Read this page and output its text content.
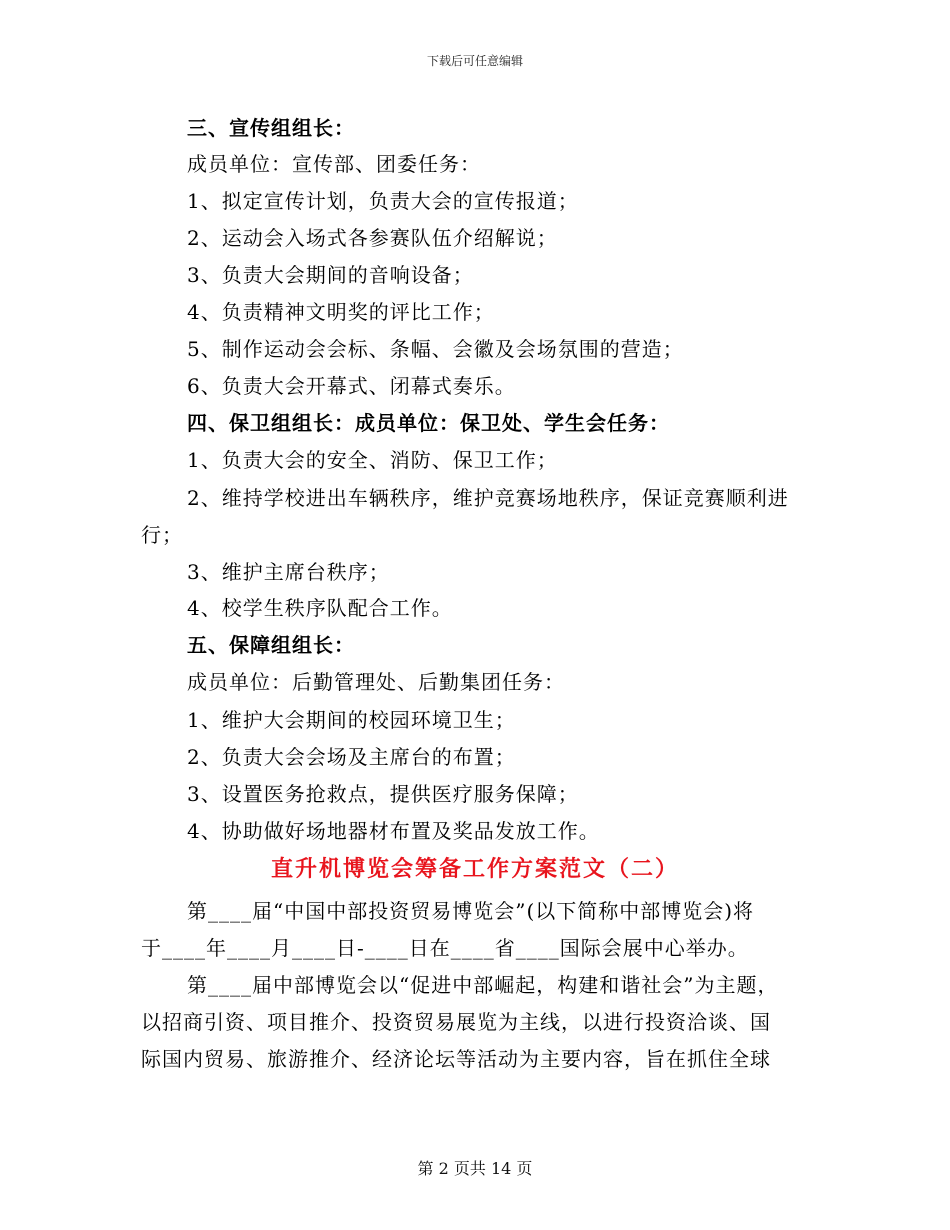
下载后可任意编辑
三、宣传组组长：
成员单位：宣传部、团委任务：
1、拟定宣传计划，负责大会的宣传报道；
2、运动会入场式各参赛队伍介绍解说；
3、负责大会期间的音响设备；
4、负责精神文明奖的评比工作；
5、制作运动会会标、条幅、会徽及会场氛围的营造；
6、负责大会开幕式、闭幕式奏乐。
四、保卫组组长：成员单位：保卫处、学生会任务：
1、负责大会的安全、消防、保卫工作；
2、维持学校进出车辆秩序，维护竞赛场地秩序，保证竞赛顺利进
行；
3、维护主席台秩序；
4、校学生秩序队配合工作。
五、保障组组长：
成员单位：后勤管理处、后勤集团任务：
1、维护大会期间的校园环境卫生；
2、负责大会会场及主席台的布置；
3、设置医务抢救点，提供医疗服务保障；
4、协助做好场地器材布置及奖品发放工作。
直升机博览会筹备工作方案范文（二）
第____届“中国中部投资贸易博览会”(以下简称中部博览会)将
于____年____月____日-____日在____省____国际会展中心举办。
第____届中部博览会以“促进中部崛起，构建和谐社会”为主题，
以招商引资、项目推介、投资贸易展览为主线，以进行投资洽谈、国
际国内贸易、旅游推介、经济论坛等活动为主要内容，旨在抓住全球
第 2 页共 14 页
